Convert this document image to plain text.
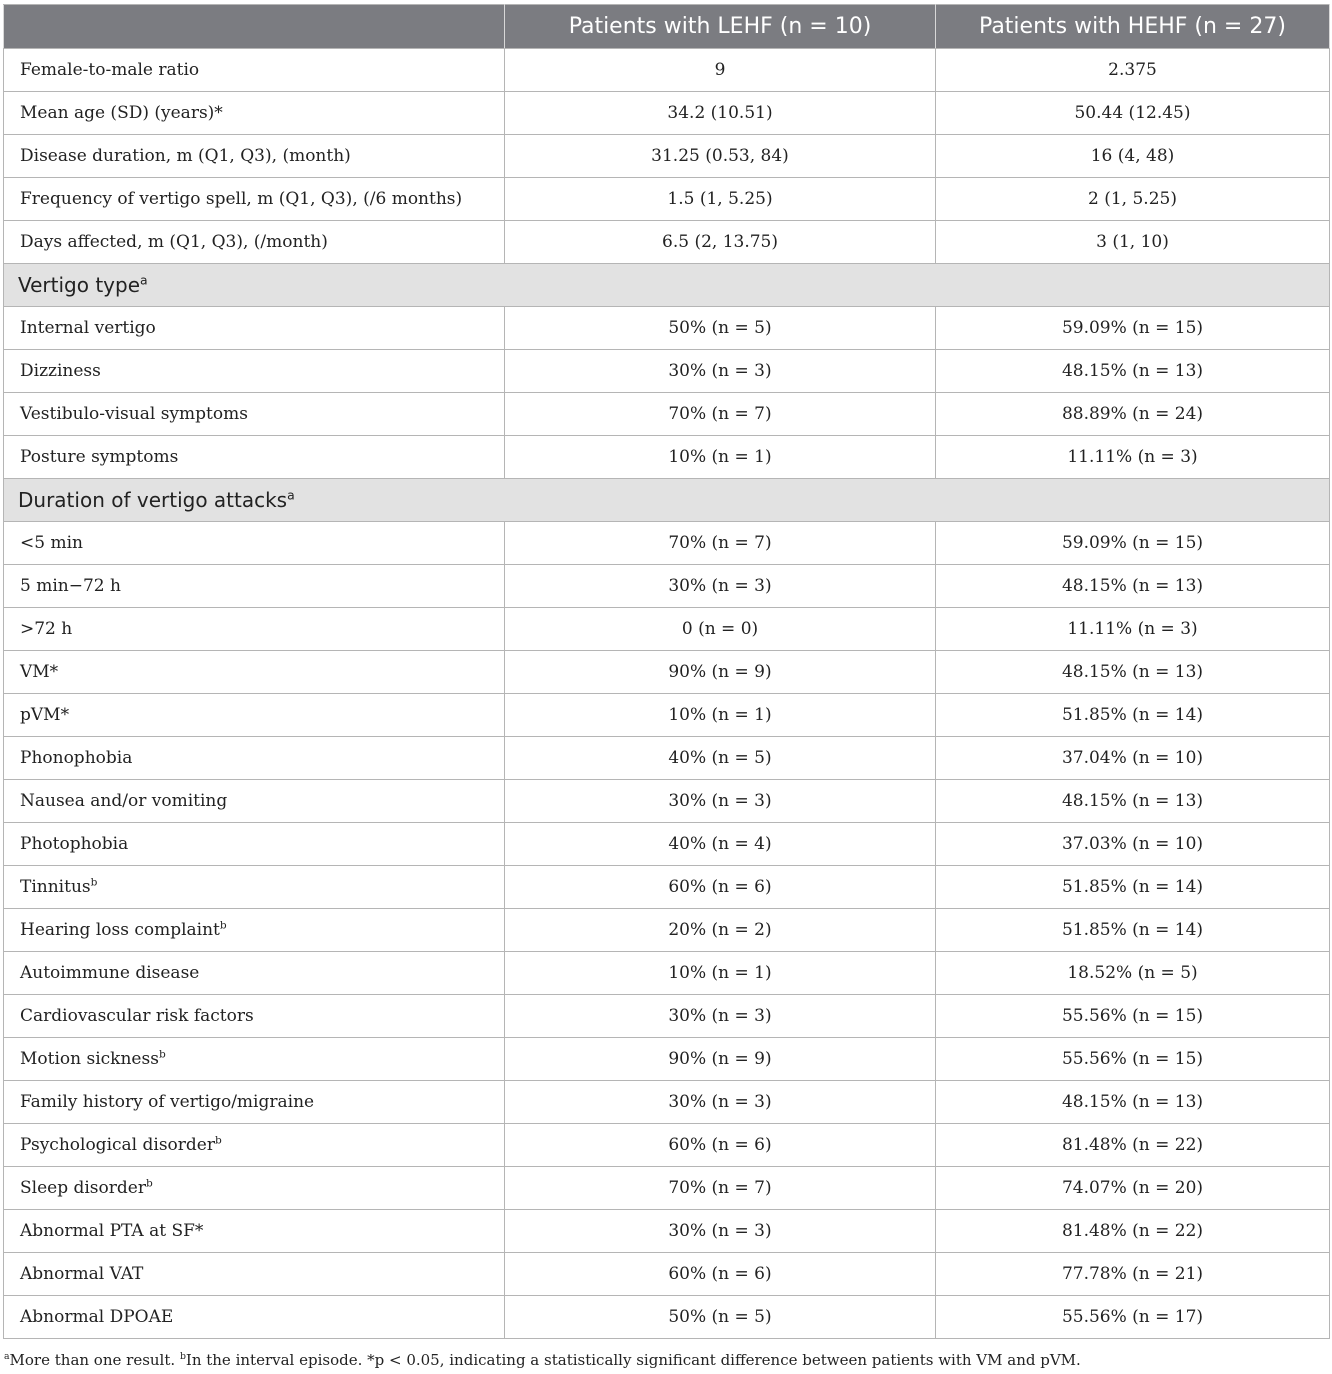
	Patients with LEHF (n = 10)	Patients with HEHF (n = 27)
Female-to-male ratio	9	2.375
Mean age (SD) (years)*	34.2 (10.51)	50.44 (12.45)
Disease duration, m (Q1, Q3), (month)	31.25 (0.53, 84)	16 (4, 48)
Frequency of vertigo spell, m (Q1, Q3), (/6 months)	1.5 (1, 5.25)	2 (1, 5.25)
Days affected, m (Q1, Q3), (/month)	6.5 (2, 13.75)	3 (1, 10)
Vertigo type$^a$
Internal vertigo	50% (n = 5)	59.09% (n = 15)
Dizziness	30% (n = 3)	48.15% (n = 13)
Vestibulo-visual symptoms	70% (n = 7)	88.89% (n = 24)
Posture symptoms	10% (n = 1)	11.11% (n = 3)
Duration of vertigo attacks$^a$
<5 min	70% (n = 7)	59.09% (n = 15)
5 min−72 h	30% (n = 3)	48.15% (n = 13)
>72 h	0 (n = 0)	11.11% (n = 3)
VM*	90% (n = 9)	48.15% (n = 13)
pVM*	10% (n = 1)	51.85% (n = 14)
Phonophobia	40% (n = 5)	37.04% (n = 10)
Nausea and/or vomiting	30% (n = 3)	48.15% (n = 13)
Photophobia	40% (n = 4)	37.03% (n = 10)
Tinnitus$^b$	60% (n = 6)	51.85% (n = 14)
Hearing loss complaint$^b$	20% (n = 2)	51.85% (n = 14)
Autoimmune disease	10% (n = 1)	18.52% (n = 5)
Cardiovascular risk factors	30% (n = 3)	55.56% (n = 15)
Motion sickness$^b$	90% (n = 9)	55.56% (n = 15)
Family history of vertigo/migraine	30% (n = 3)	48.15% (n = 13)
Psychological disorder$^b$	60% (n = 6)	81.48% (n = 22)
Sleep disorder$^b$	70% (n = 7)	74.07% (n = 20)
Abnormal PTA at SF*	30% (n = 3)	81.48% (n = 22)
Abnormal VAT	60% (n = 6)	77.78% (n = 21)
Abnormal DPOAE	50% (n = 5)	55.56% (n = 17)
$^a$More than one result. $^b$In the interval episode. *p < 0.05, indicating a statistically significant difference between patients with VM and pVM.
